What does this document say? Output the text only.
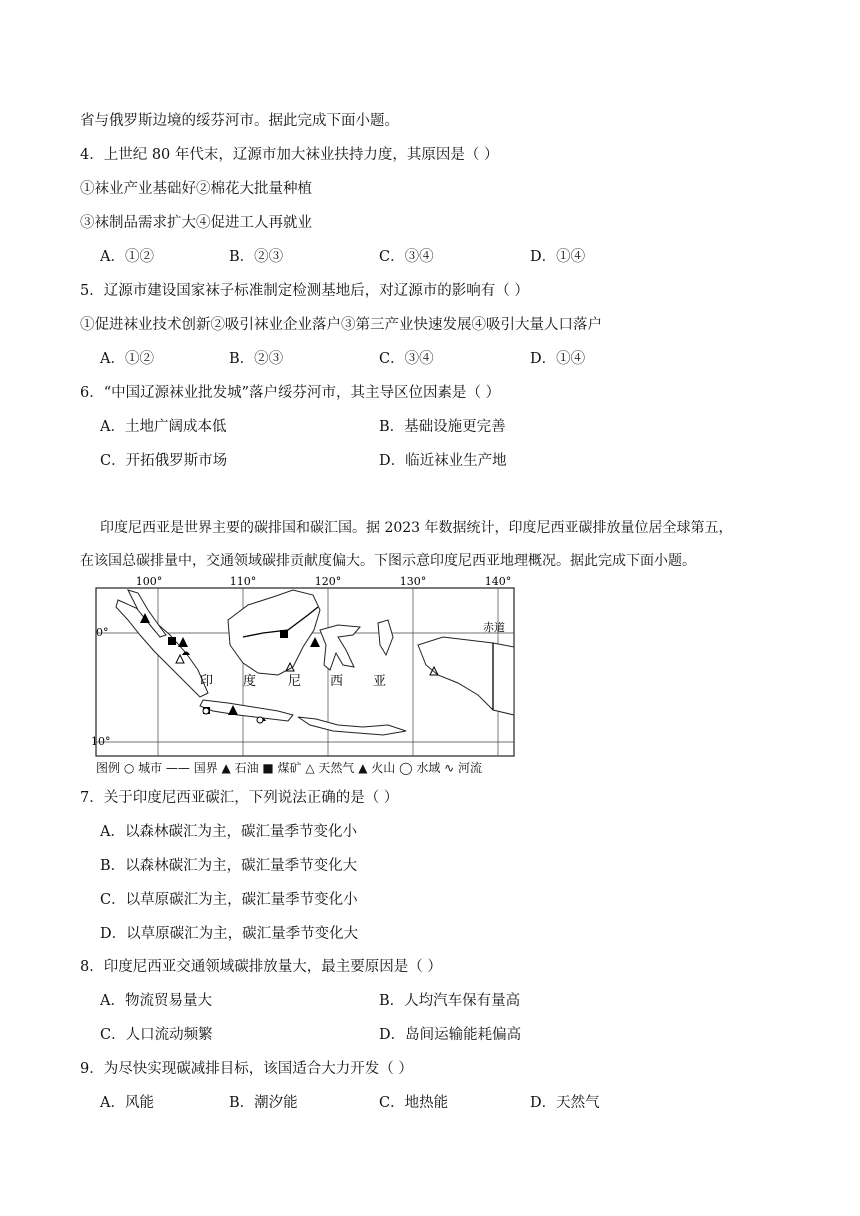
省与俄罗斯边境的绥芬河市。据此完成下面小题。
4．上世纪 80 年代末，辽源市加大袜业扶持力度，其原因是（ ）
①袜业产业基础好②棉花大批量种植
③袜制品需求扩大④促进工人再就业
A．①②	B．②③	C．③④	D．①④
5．辽源市建设国家袜子标准制定检测基地后，对辽源市的影响有（ ）
①促进袜业技术创新②吸引袜业企业落户③第三产业快速发展④吸引大量人口落户
A．①②	B．②③	C．③④	D．①④
6．“中国辽源袜业批发城”落户绥芬河市，其主导区位因素是（ ）
A．土地广阔成本低	B．基础设施更完善
C．开拓俄罗斯市场	D．临近袜业生产地
印度尼西亚是世界主要的碳排国和碳汇国。据 2023 年数据统计，印度尼西亚碳排放量位居全球第五，
在该国总碳排量中，交通领域碳排贡献度偏大。下图示意印度尼西亚地理概况。据此完成下面小题。
100°	110°	120°	130°	140°
0°
10°
赤道
印 度 尼 西 亚
图例 ○ 城市 —— 国界 ▲ 石油 ■ 煤矿 △ 天然气 ▲ 火山 ◯ 水域 ∿ 河流
7．关于印度尼西亚碳汇，下列说法正确的是（ ）
A．以森林碳汇为主，碳汇量季节变化小
B．以森林碳汇为主，碳汇量季节变化大
C．以草原碳汇为主，碳汇量季节变化小
D．以草原碳汇为主，碳汇量季节变化大
8．印度尼西亚交通领域碳排放量大，最主要原因是（ ）
A．物流贸易量大	B．人均汽车保有量高
C．人口流动频繁	D．岛间运输能耗偏高
9．为尽快实现碳减排目标，该国适合大力开发（ ）
A．风能	B．潮汐能	C．地热能	D．天然气
